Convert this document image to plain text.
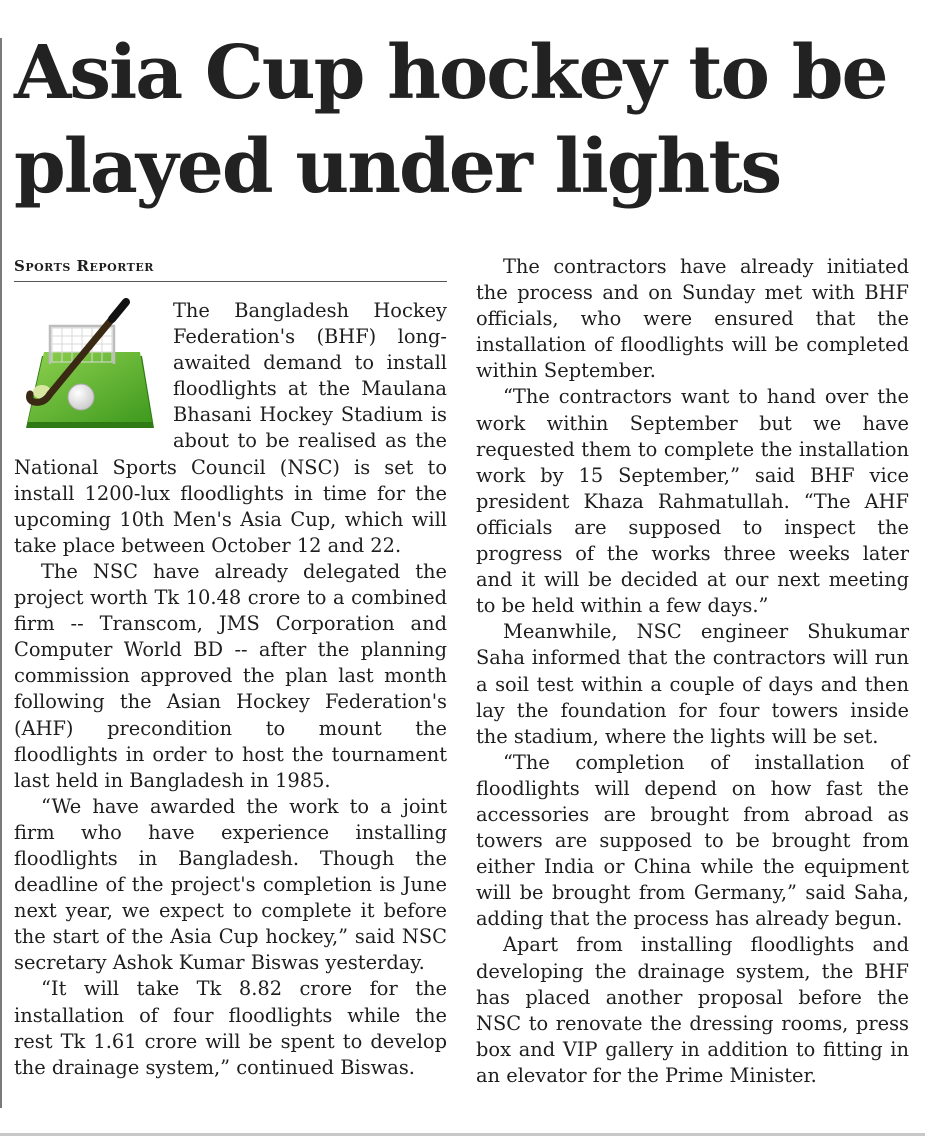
Asia Cup hockey to be played under lights
Sports Reporter

The Bangladesh Hockey Federation's (BHF) long-awaited demand to install floodlights at the Maulana Bhasani Hockey Stadium is about to be realised as the National Sports Council (NSC) is set to install 1200-lux floodlights in time for the upcoming 10th Men's Asia Cup, which will take place between October 12 and 22.

The NSC have already delegated the project worth Tk 10.48 crore to a combined firm -- Transcom, JMS Corporation and Computer World BD -- after the planning commission approved the plan last month following the Asian Hockey Federation's (AHF) precondition to mount the floodlights in order to host the tournament last held in Bangladesh in 1985.

“We have awarded the work to a joint firm who have experience installing floodlights in Bangladesh. Though the deadline of the project's completion is June next year, we expect to complete it before the start of the Asia Cup hockey,” said NSC secretary Ashok Kumar Biswas yesterday.

“It will take Tk 8.82 crore for the installation of four floodlights while the rest Tk 1.61 crore will be spent to develop the drainage system,” continued Biswas.

The contractors have already initiated the process and on Sunday met with BHF officials, who were ensured that the installation of floodlights will be completed within September.

“The contractors want to hand over the work within September but we have requested them to complete the installation work by 15 September,” said BHF vice president Khaza Rahmatullah. “The AHF officials are supposed to inspect the progress of the works three weeks later and it will be decided at our next meeting to be held within a few days.”

Meanwhile, NSC engineer Shukumar Saha informed that the contractors will run a soil test within a couple of days and then lay the foundation for four towers inside the stadium, where the lights will be set.

“The completion of installation of floodlights will depend on how fast the accessories are brought from abroad as towers are supposed to be brought from either India or China while the equipment will be brought from Germany,” said Saha, adding that the process has already begun.

Apart from installing floodlights and developing the drainage system, the BHF has placed another proposal before the NSC to renovate the dressing rooms, press box and VIP gallery in addition to fitting in an elevator for the Prime Minister.
